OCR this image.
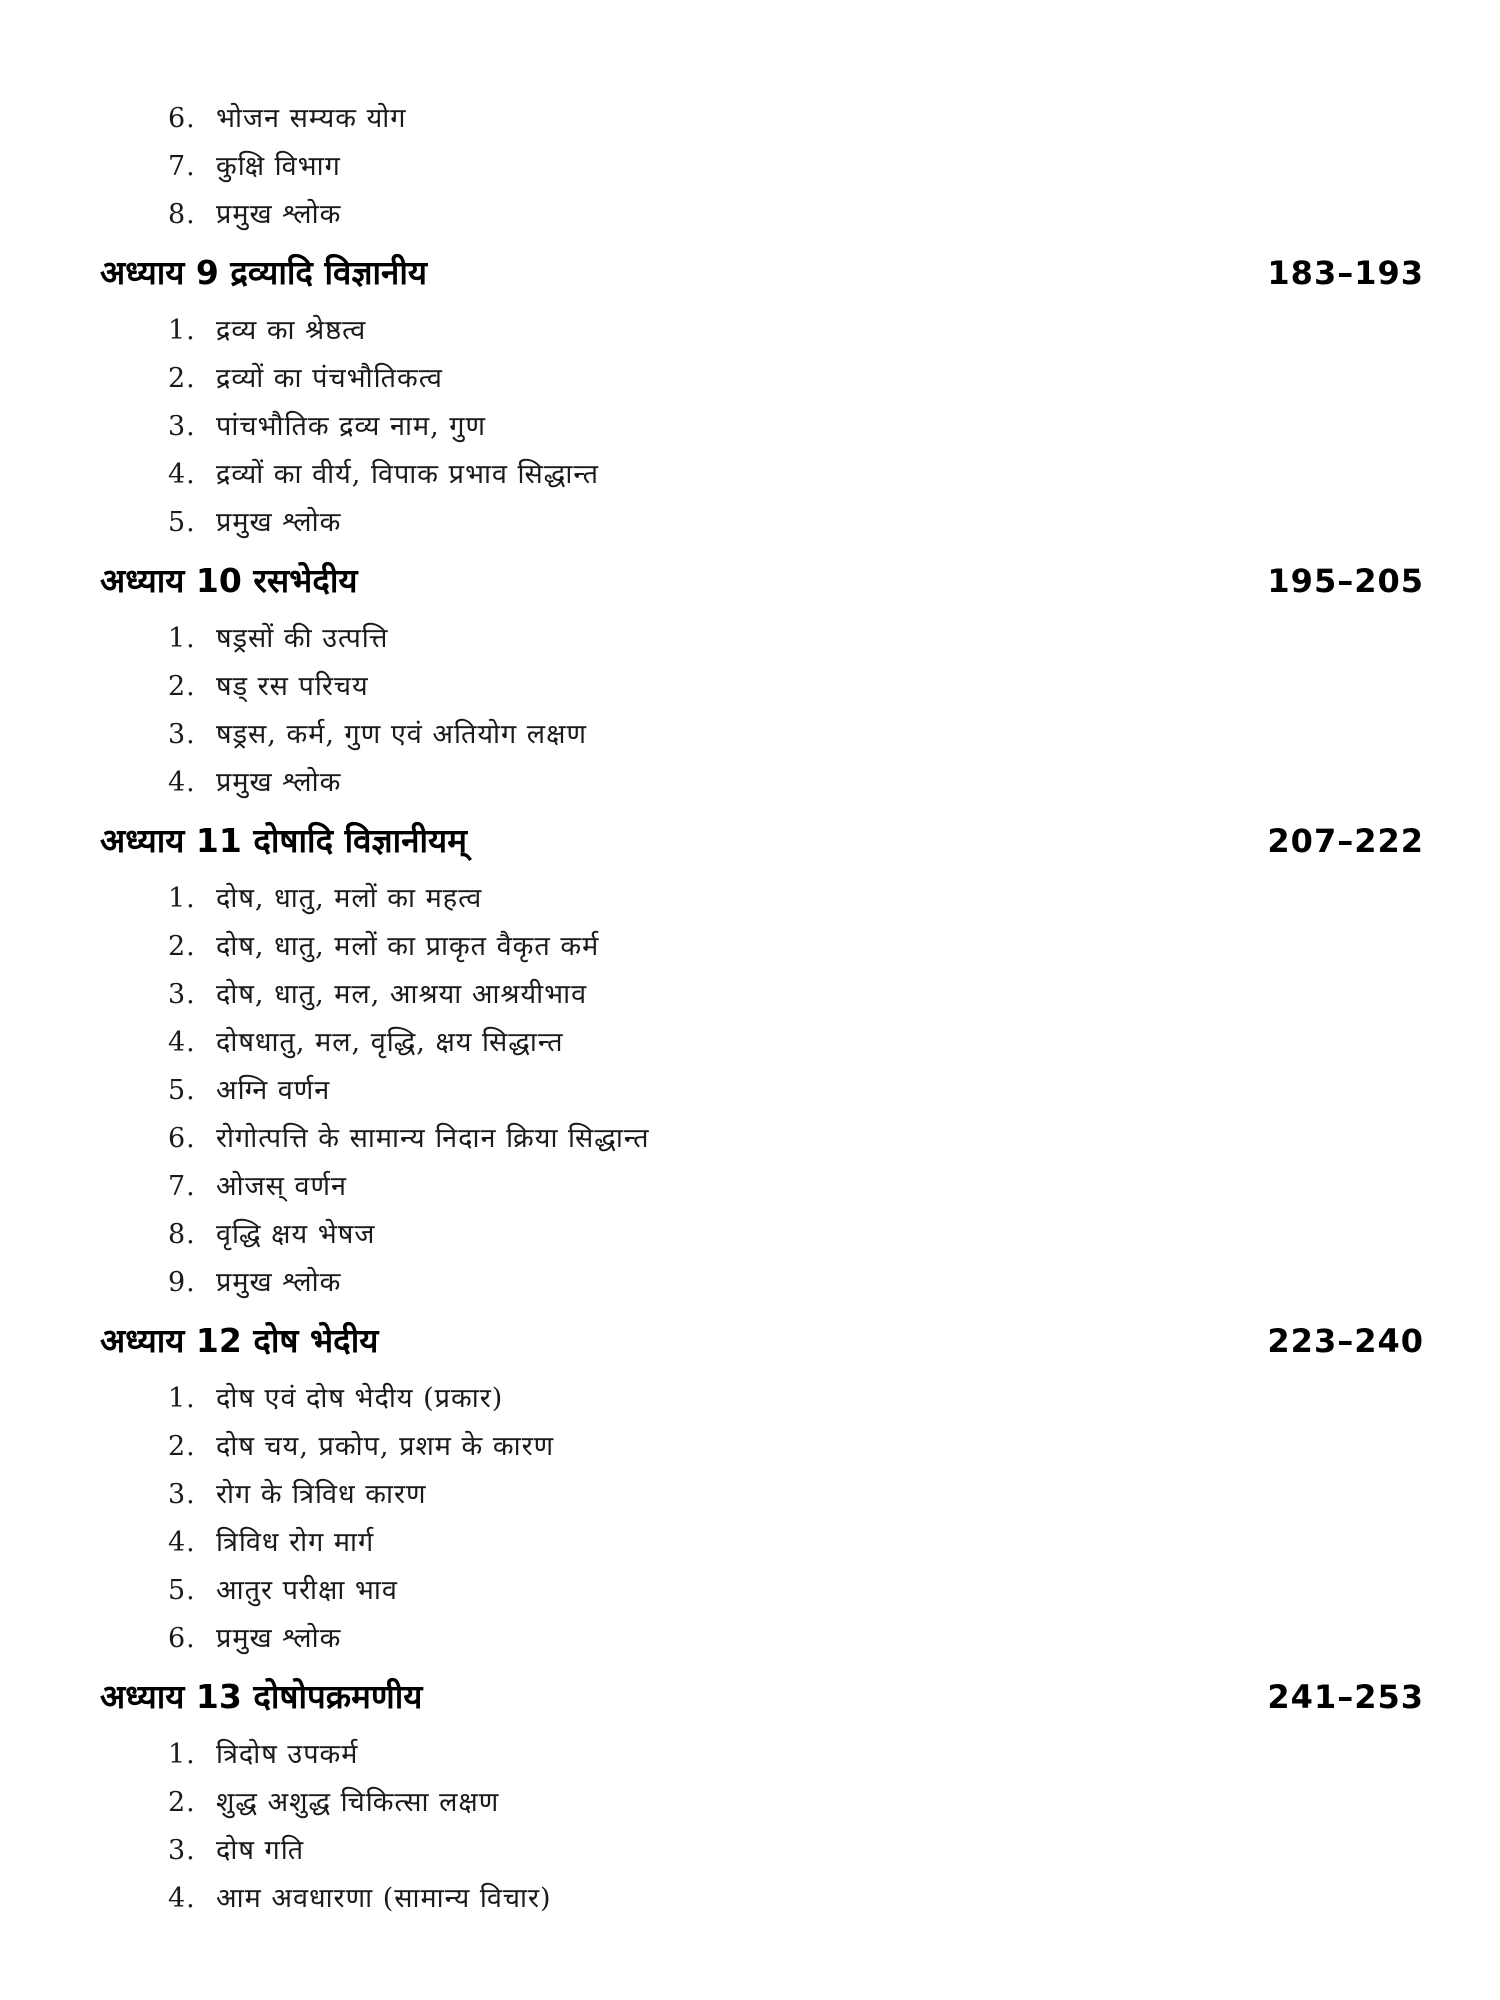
6. भोजन सम्यक योग
7. कुक्षि विभाग
8. प्रमुख श्लोक
अध्याय 9 द्रव्यादि विज्ञानीय	183–193
1. द्रव्य का श्रेष्ठत्व
2. द्रव्यों का पंचभौतिकत्व
3. पांचभौतिक द्रव्य नाम, गुण
4. द्रव्यों का वीर्य, विपाक प्रभाव सिद्धान्त
5. प्रमुख श्लोक
अध्याय 10 रसभेदीय	195–205
1. षड्रसों की उत्पत्ति
2. षड् रस परिचय
3. षड्रस, कर्म, गुण एवं अतियोग लक्षण
4. प्रमुख श्लोक
अध्याय 11 दोषादि विज्ञानीयम्	207–222
1. दोष, धातु, मलों का महत्व
2. दोष, धातु, मलों का प्राकृत वैकृत कर्म
3. दोष, धातु, मल, आश्रया आश्रयीभाव
4. दोषधातु, मल, वृद्धि, क्षय सिद्धान्त
5. अग्नि वर्णन
6. रोगोत्पत्ति के सामान्य निदान क्रिया सिद्धान्त
7. ओजस् वर्णन
8. वृद्धि क्षय भेषज
9. प्रमुख श्लोक
अध्याय 12 दोष भेदीय	223–240
1. दोष एवं दोष भेदीय (प्रकार)
2. दोष चय, प्रकोप, प्रशम के कारण
3. रोग के त्रिविध कारण
4. त्रिविध रोग मार्ग
5. आतुर परीक्षा भाव
6. प्रमुख श्लोक
अध्याय 13 दोषोपक्रमणीय	241–253
1. त्रिदोष उपकर्म
2. शुद्ध अशुद्ध चिकित्सा लक्षण
3. दोष गति
4. आम अवधारणा (सामान्य विचार)
